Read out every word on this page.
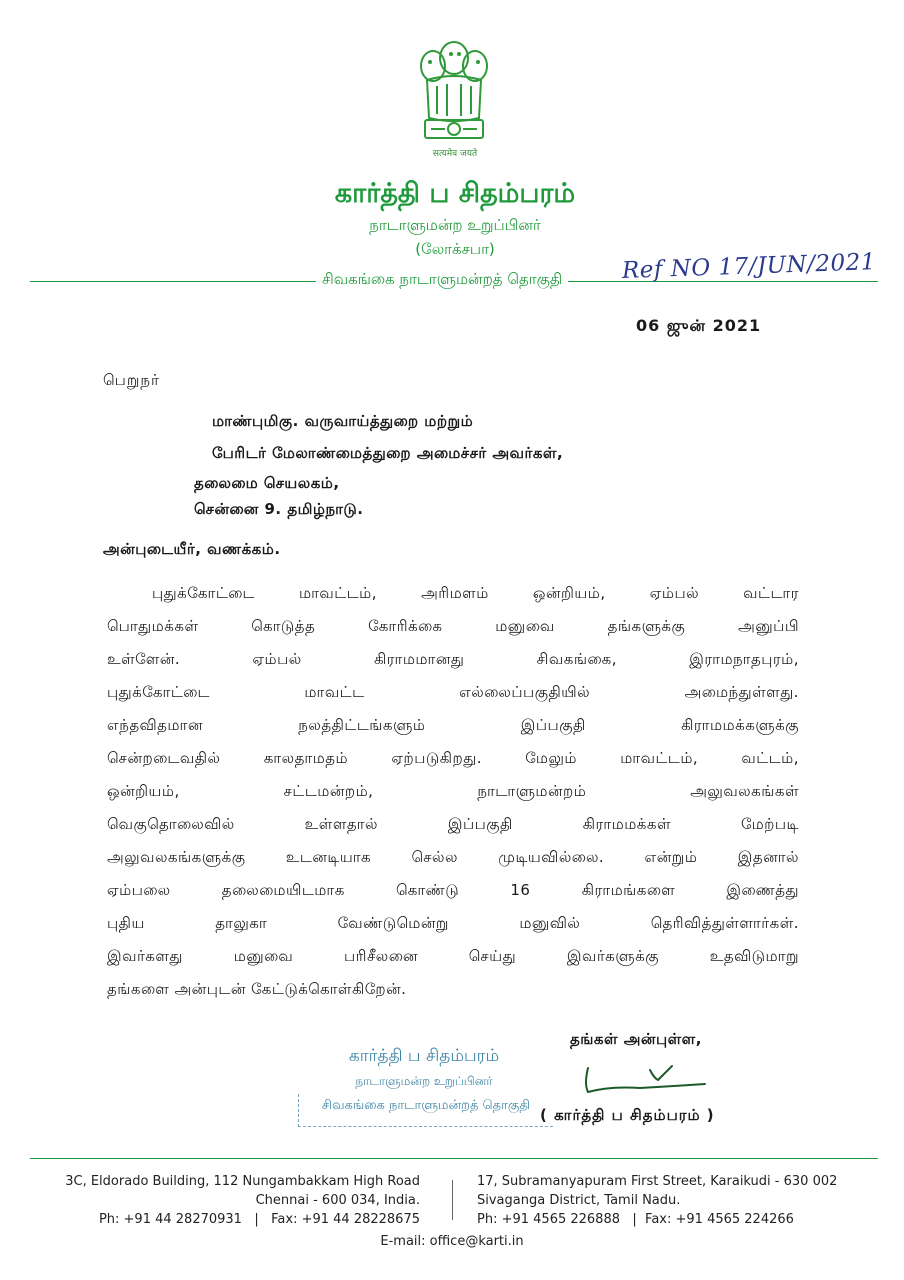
सत्यमेव जयते
கார்த்தி ப சிதம்பரம்
நாடாளுமன்ற உறுப்பினர்
(லோக்சபா)
சிவகங்கை நாடாளுமன்றத் தொகுதி	Ref NO 17/JUN/2021
06 ஜுன் 2021
பெறுநர்
மாண்புமிகு. வருவாய்த்துறை மற்றும்
பேரிடர் மேலாண்மைத்துறை அமைச்சர் அவர்கள்,
தலைமை செயலகம்,
சென்னை 9. தமிழ்நாடு.
அன்புடையீர், வணக்கம்.
புதுக்கோட்டை மாவட்டம், அரிமளம் ஒன்றியம், ஏம்பல் வட்டார
பொதுமக்கள் கொடுத்த கோரிக்கை மனுவை தங்களுக்கு அனுப்பி
உள்ளேன். ஏம்பல் கிராமமானது சிவகங்கை, இராமநாதபுரம்,
புதுக்கோட்டை மாவட்ட எல்லைப்பகுதியில் அமைந்துள்ளது.
எந்தவிதமான நலத்திட்டங்களும் இப்பகுதி கிராமமக்களுக்கு
சென்றடைவதில் காலதாமதம் ஏற்படுகிறது. மேலும் மாவட்டம், வட்டம்,
ஒன்றியம், சட்டமன்றம், நாடாளுமன்றம் அலுவலகங்கள்
வெகுதொலைவில் உள்ளதால் இப்பகுதி கிராமமக்கள் மேற்படி
அலுவலகங்களுக்கு உடனடியாக செல்ல முடியவில்லை. என்றும் இதனால்
ஏம்பலை தலைமையிடமாக கொண்டு 16 கிராமங்களை இணைத்து
புதிய தாலுகா வேண்டுமென்று மனுவில் தெரிவித்துள்ளார்கள்.
இவர்களது மனுவை பரிசீலனை செய்து இவர்களுக்கு உதவிடுமாறு
தங்களை அன்புடன் கேட்டுக்கொள்கிறேன்.
தங்கள் அன்புள்ள,
கார்த்தி ப சிதம்பரம்
நாடாளுமன்ற உறுப்பினர்
சிவகங்கை நாடாளுமன்றத் தொகுதி
( கார்த்தி ப சிதம்பரம் )
3C, Eldorado Building, 112 Nungambakkam High Road
Chennai - 600 034, India.
Ph: +91 44 28270931   |   Fax: +91 44 28228675
17, Subramanyapuram First Street, Karaikudi - 630 002
Sivaganga District, Tamil Nadu.
Ph: +91 4565 226888   |  Fax: +91 4565 224266
E-mail: office@karti.in
